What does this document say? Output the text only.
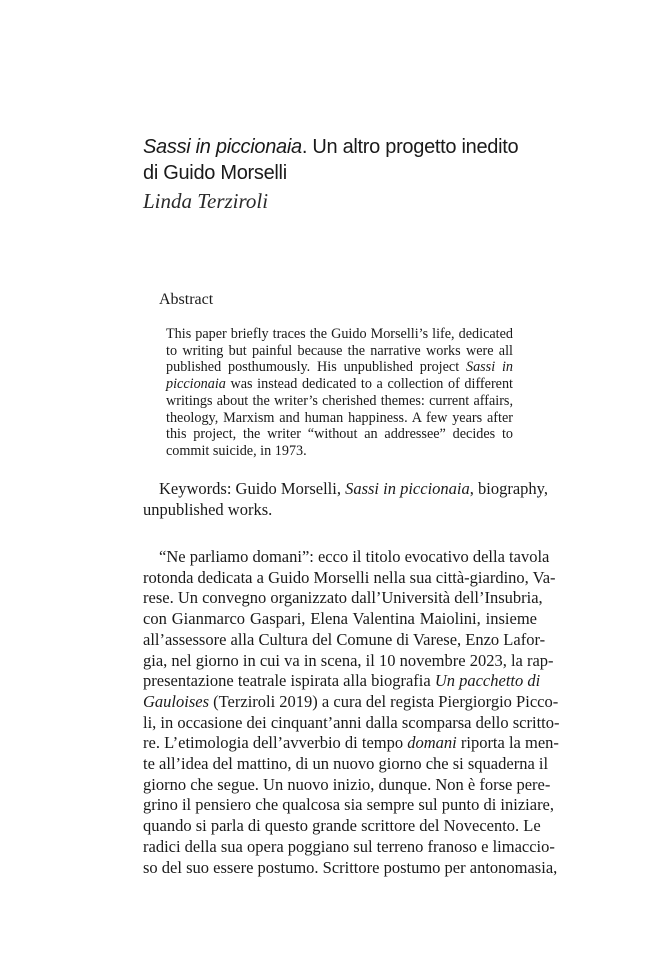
Sassi in piccionaia. Un altro progetto inedito
di Guido Morselli
Linda Terziroli
Abstract
This paper briefly traces the Guido Morselli’s life, dedicated
to writing but painful because the narrative works were all
published posthumously. His unpublished project Sassi in
piccionaia was instead dedicated to a collection of different
writings about the writer’s cherished themes: current affairs,
theology, Marxism and human happiness. A few years after
this project, the writer “without an addressee” decides to
commit suicide, in 1973.
Keywords: Guido Morselli, Sassi in piccionaia, biography,
unpublished works.
“Ne parliamo domani”: ecco il titolo evocativo della tavola
rotonda dedicata a Guido Morselli nella sua città-giardino, Va-
rese. Un convegno organizzato dall’Università dell’Insubria,
con Gianmarco Gaspari, Elena Valentina Maiolini, insieme
all’assessore alla Cultura del Comune di Varese, Enzo Lafor-
gia, nel giorno in cui va in scena, il 10 novembre 2023, la rap-
presentazione teatrale ispirata alla biografia Un pacchetto di
Gauloises (Terziroli 2019) a cura del regista Piergiorgio Picco-
li, in occasione dei cinquant’anni dalla scomparsa dello scritto-
re. L’etimologia dell’avverbio di tempo domani riporta la men-
te all’idea del mattino, di un nuovo giorno che si squaderna il
giorno che segue. Un nuovo inizio, dunque. Non è forse pere-
grino il pensiero che qualcosa sia sempre sul punto di iniziare,
quando si parla di questo grande scrittore del Novecento. Le
radici della sua opera poggiano sul terreno franoso e limaccio-
so del suo essere postumo. Scrittore postumo per antonomasia,
